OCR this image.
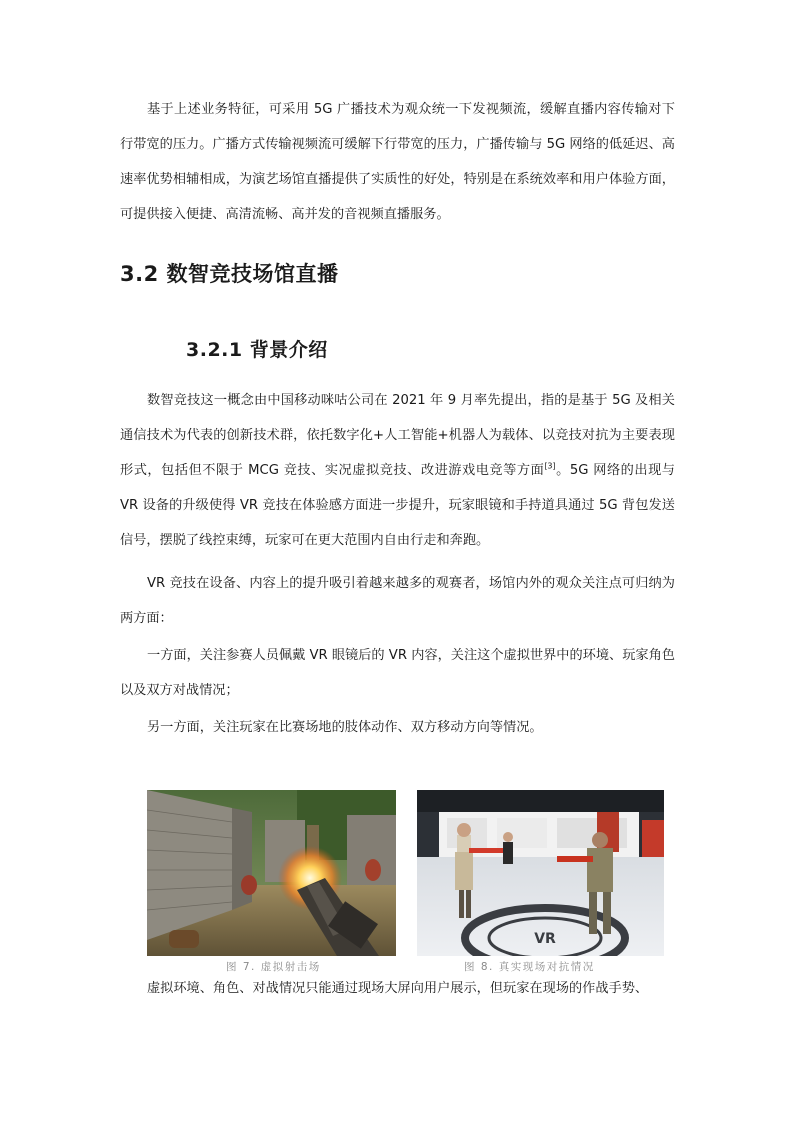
基于上述业务特征，可采用 5G 广播技术为观众统一下发视频流，缓解直播内容传输对下行带宽的压力。广播方式传输视频流可缓解下行带宽的压力，广播传输与 5G 网络的低延迟、高速率优势相辅相成，为演艺场馆直播提供了实质性的好处，特别是在系统效率和用户体验方面，可提供接入便捷、高清流畅、高并发的音视频直播服务。

3.2 数智竞技场馆直播
3.2.1 背景介绍

数智竞技这一概念由中国移动咪咕公司在 2021 年 9 月率先提出，指的是基于 5G 及相关通信技术为代表的创新技术群，依托数字化+人工智能+机器人为载体、以竞技对抗为主要表现形式，包括但不限于 MCG 竞技、实况虚拟竞技、改进游戏电竞等方面[3]。5G 网络的出现与 VR 设备的升级使得 VR 竞技在体验感方面进一步提升，玩家眼镜和手持道具通过 5G 背包发送信号，摆脱了线控束缚，玩家可在更大范围内自由行走和奔跑。

VR 竞技在设备、内容上的提升吸引着越来越多的观赛者，场馆内外的观众关注点可归纳为两方面：

一方面，关注参赛人员佩戴 VR 眼镜后的 VR 内容，关注这个虚拟世界中的环境、玩家角色以及双方对战情况；

另一方面，关注玩家在比赛场地的肢体动作、双方移动方向等情况。

图 7. 虚拟射击场
VR
图 8. 真实现场对抗情况

虚拟环境、角色、对战情况只能通过现场大屏向用户展示，但玩家在现场的作战手势、
